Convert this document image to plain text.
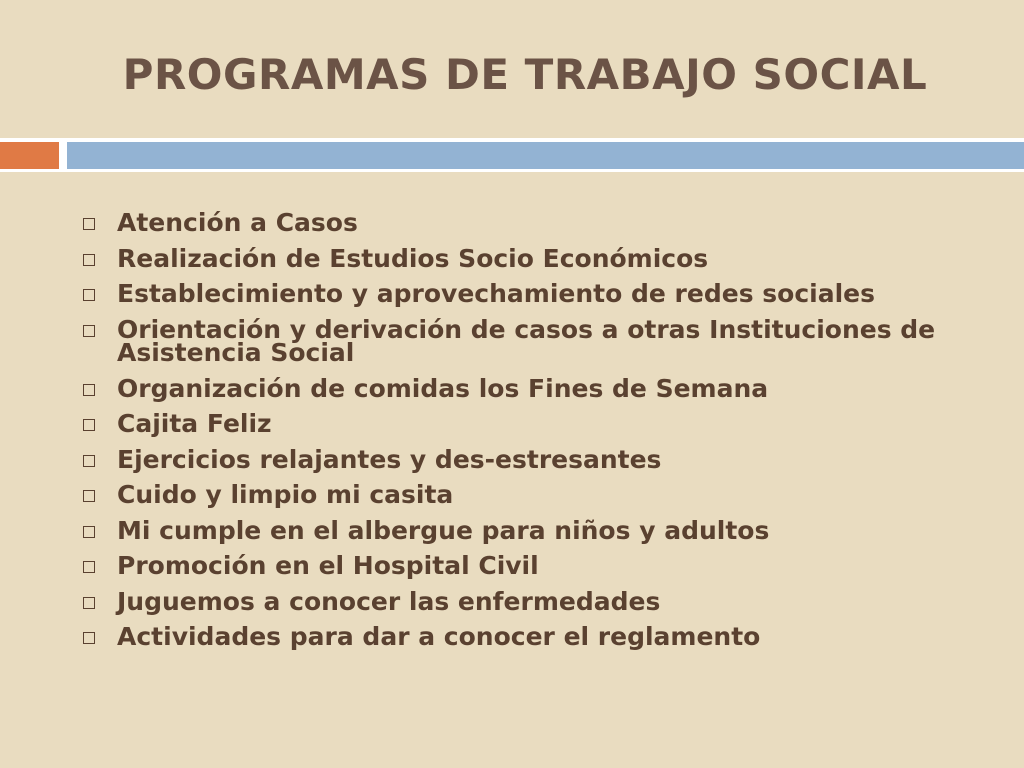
PROGRAMAS DE TRABAJO SOCIAL
Atención a Casos
Realización de Estudios Socio Económicos
Establecimiento y aprovechamiento de redes sociales
Orientación y derivación de casos a otras Instituciones de Asistencia Social
Organización de comidas los Fines de Semana
Cajita Feliz
Ejercicios relajantes y des-estresantes
Cuido y limpio mi casita
Mi cumple en el albergue para niños y adultos
Promoción en el Hospital Civil
Juguemos a conocer las enfermedades
Actividades para dar a conocer el reglamento
